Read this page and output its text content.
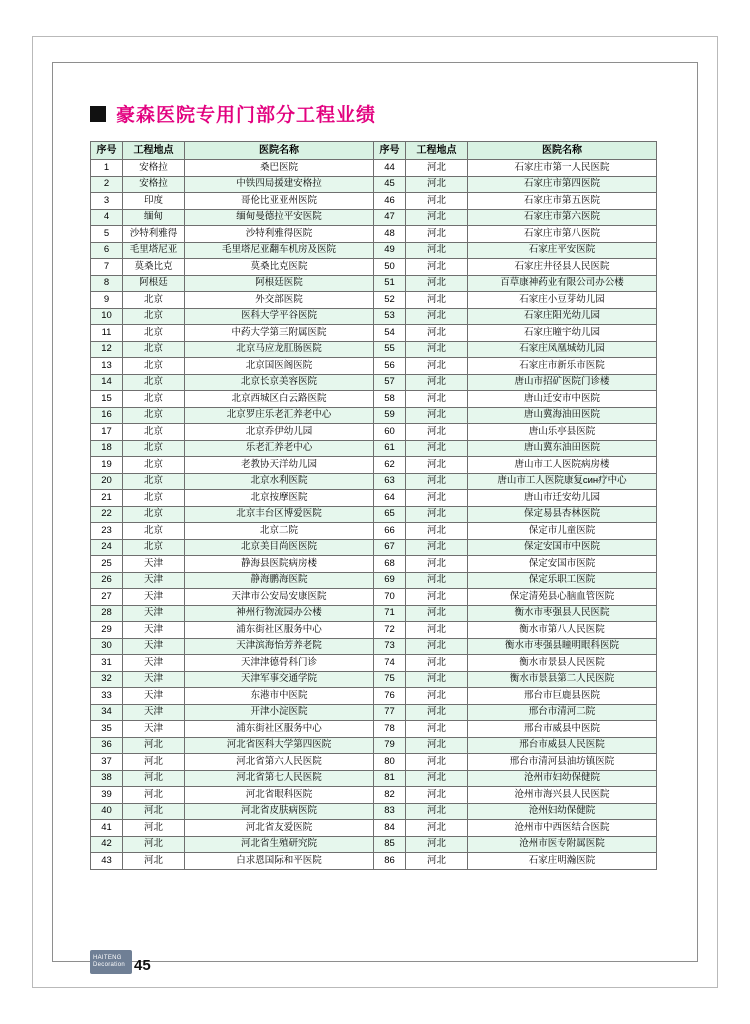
豪森医院专用门部分工程业绩
序号	工程地点	医院名称	序号	工程地点	医院名称
1	安格拉	桑巴医院	44	河北	石家庄市第一人民医院
2	安格拉	中铁四局援建安格拉	45	河北	石家庄市第四医院
3	印度	哥伦比亚亚州医院	46	河北	石家庄市第五医院
4	缅甸	缅甸曼德拉平安医院	47	河北	石家庄市第六医院
5	沙特利雅得	沙特利雅得医院	48	河北	石家庄市第八医院
6	毛里塔尼亚	毛里塔尼亚翻车机房及医院	49	河北	石家庄平安医院
7	莫桑比克	莫桑比克医院	50	河北	石家庄井径县人民医院
8	阿根廷	阿根廷医院	51	河北	百草康神药业有限公司办公楼
9	北京	外交部医院	52	河北	石家庄小豆芽幼儿园
10	北京	医科大学平谷医院	53	河北	石家庄阳光幼儿园
11	北京	中药大学第三附属医院	54	河北	石家庄瞳宇幼儿园
12	北京	北京马应龙肛肠医院	55	河北	石家庄凤凰城幼儿园
13	北京	北京国医阁医院	56	河北	石家庄市新乐市医院
14	北京	北京长京美容医院	57	河北	唐山市招矿医院门诊楼
15	北京	北京西城区白云路医院	58	河北	唐山迁安市中医院
16	北京	北京罗庄乐老汇养老中心	59	河北	唐山冀海油田医院
17	北京	北京乔伊幼儿园	60	河北	唐山乐亭县医院
18	北京	乐老汇养老中心	61	河北	唐山冀东油田医院
19	北京	老教协天洋幼儿园	62	河北	唐山市工人医院病房楼
20	北京	北京水利医院	63	河北	唐山市工人医院康复син疗中心
21	北京	北京按摩医院	64	河北	唐山市迁安幼儿园
22	北京	北京丰台区博爱医院	65	河北	保定易县杏林医院
23	北京	北京二院	66	河北	保定市儿童医院
24	北京	北京美目尚医医院	67	河北	保定安国市中医院
25	天津	静海县医院病房楼	68	河北	保定安国市医院
26	天津	静海鹏海医院	69	河北	保定乐职工医院
27	天津	天津市公安局安康医院	70	河北	保定清苑县心脑血管医院
28	天津	神州行物流园办公楼	71	河北	衡水市枣强县人民医院
29	天津	浦东街社区服务中心	72	河北	衡水市第八人民医院
30	天津	天津滨海怡芳养老院	73	河北	衡水市枣强县瞳明眼科医院
31	天津	天津津德骨科门诊	74	河北	衡水市景县人民医院
32	天津	天津军事交通学院	75	河北	衡水市景县第二人民医院
33	天津	东港市中医院	76	河北	邢台市巨鹿县医院
34	天津	开津小淀医院	77	河北	邢台市清河二院
35	天津	浦东街社区服务中心	78	河北	邢台市威县中医院
36	河北	河北省医科大学第四医院	79	河北	邢台市威县人民医院
37	河北	河北省第六人民医院	80	河北	邢台市清河县油坊镇医院
38	河北	河北省第七人民医院	81	河北	沧州市妇幼保健院
39	河北	河北省眼科医院	82	河北	沧州市海兴县人民医院
40	河北	河北省皮肤病医院	83	河北	沧州妇幼保健院
41	河北	河北省友爱医院	84	河北	沧州市中西医结合医院
42	河北	河北省生殖研究院	85	河北	沧州市医专附属医院
43	河北	白求恩国际和平医院	86	河北	石家庄明瀚医院
HAITENG
Decoration 45
